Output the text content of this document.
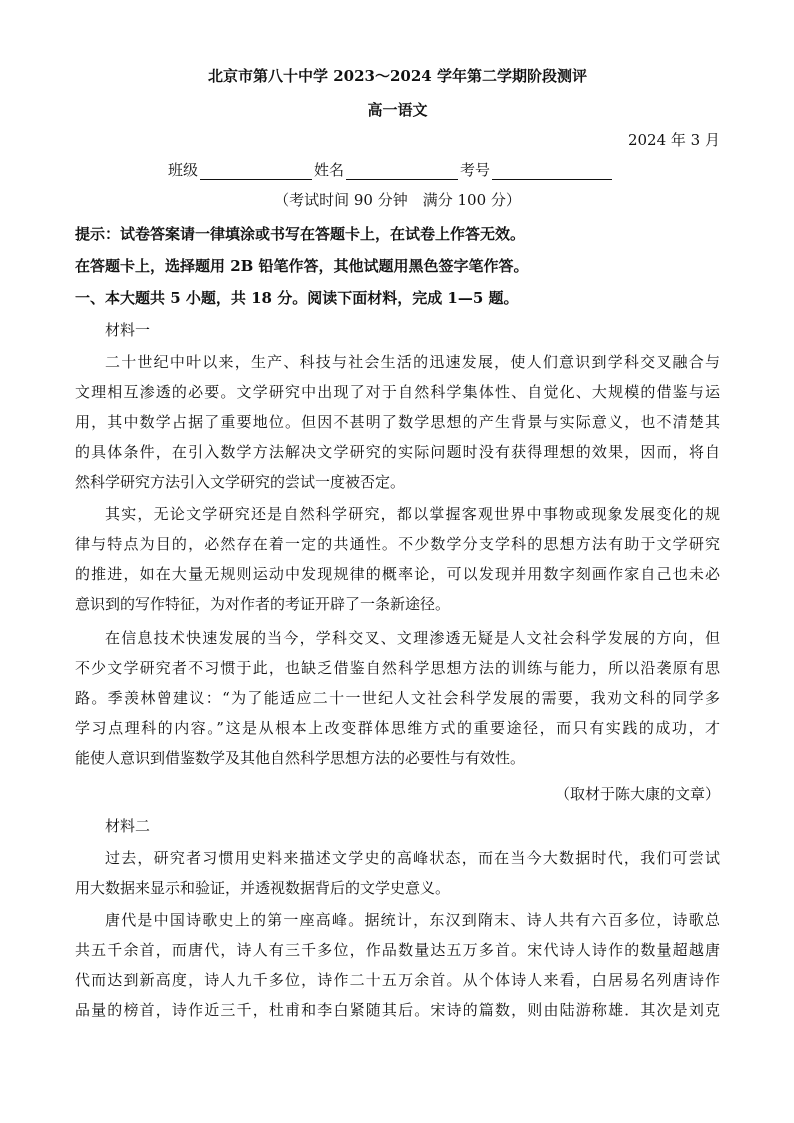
北京市第八十中学 2023～2024 学年第二学期阶段测评
高一语文
2024 年 3 月
班级	姓名	考号
（考试时间 90 分钟　满分 100 分）
提示：试卷答案请一律填涂或书写在答题卡上，在试卷上作答无效。
在答题卡上，选择题用 2B 铅笔作答，其他试题用黑色签字笔作答。
一、本大题共 5 小题，共 18 分。阅读下面材料，完成 1—5 题。
材料一
二十世纪中叶以来，生产、科技与社会生活的迅速发展，使人们意识到学科交叉融合与
文理相互渗透的必要。文学研究中出现了对于自然科学集体性、自觉化、大规模的借鉴与运
用，其中数学占据了重要地位。但因不甚明了数学思想的产生背景与实际意义，也不清楚其
的具体条件，在引入数学方法解决文学研究的实际问题时没有获得理想的效果，因而，将自
然科学研究方法引入文学研究的尝试一度被否定。
其实，无论文学研究还是自然科学研究，都以掌握客观世界中事物或现象发展变化的规
律与特点为目的，必然存在着一定的共通性。不少数学分支学科的思想方法有助于文学研究
的推进，如在大量无规则运动中发现规律的概率论，可以发现并用数字刻画作家自己也未必
意识到的写作特征，为对作者的考证开辟了一条新途径。
在信息技术快速发展的当今，学科交叉、文理渗透无疑是人文社会科学发展的方向，但
不少文学研究者不习惯于此，也缺乏借鉴自然科学思想方法的训练与能力，所以沿袭原有思
路。季羡林曾建议：“为了能适应二十一世纪人文社会科学发展的需要，我劝文科的同学多
学习点理科的内容。”这是从根本上改变群体思维方式的重要途径，而只有实践的成功，才
能使人意识到借鉴数学及其他自然科学思想方法的必要性与有效性。
（取材于陈大康的文章）
材料二
过去，研究者习惯用史料来描述文学史的高峰状态，而在当今大数据时代，我们可尝试
用大数据来显示和验证，并透视数据背后的文学史意义。
唐代是中国诗歌史上的第一座高峰。据统计，东汉到隋末、诗人共有六百多位，诗歌总
共五千余首，而唐代，诗人有三千多位，作品数量达五万多首。宋代诗人诗作的数量超越唐
代而达到新高度，诗人九千多位，诗作二十五万余首。从个体诗人来看，白居易名列唐诗作
品量的榜首，诗作近三千，杜甫和李白紧随其后。宋诗的篇数，则由陆游称雄．其次是刘克
